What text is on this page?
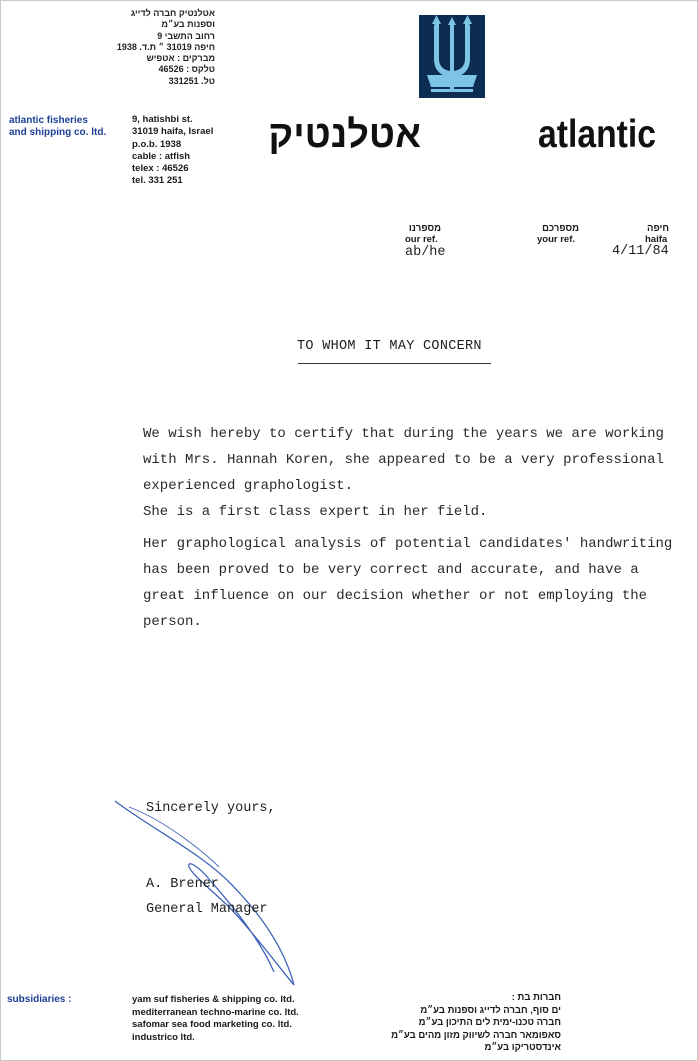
אטלנטיק חברה לדייג
וספנות בע״מ
רחוב התשבי 9
חיפה 31019 ״ ת.ד. 1938
מברקים : אטפיש
טלקס : 46526
טל. 331251
atlantic fisheries
and shipping co. ltd.
9, hatishbi st.
31019 haifa, Israel
p.o.b. 1938
cable : atfish
telex : 46526
tel. 331 251
אטלנטיק	atlantic
מספרנו
our ref.
ab/he
מספרכם
your ref.
חיפה
haifa
4/11/84
TO WHOM IT MAY CONCERN

We wish hereby to certify that during the years we are working

with Mrs. Hannah Koren, she appeared to be a very professional

experienced graphologist.

She is a first class expert in her field.

Her graphological analysis of potential candidates' handwriting

has been proved to be very correct and accurate, and have a

great influence on our decision whether or not employing the

person.

Sincerely yours,
A. Brener
General Manager
subsidiaries :	yam suf fisheries & shipping co. ltd.
mediterranean techno-marine co. ltd.
safomar sea food marketing co. ltd.
industrico ltd.
חברות בת :
ים סוף, חברה לדייג וספנות בע״מ
חברה טכנו-ימית לים התיכון בע״מ
סאפומאר חברה לשיווק מזון מהים בע״מ
אינדסטריקו בע״מ
